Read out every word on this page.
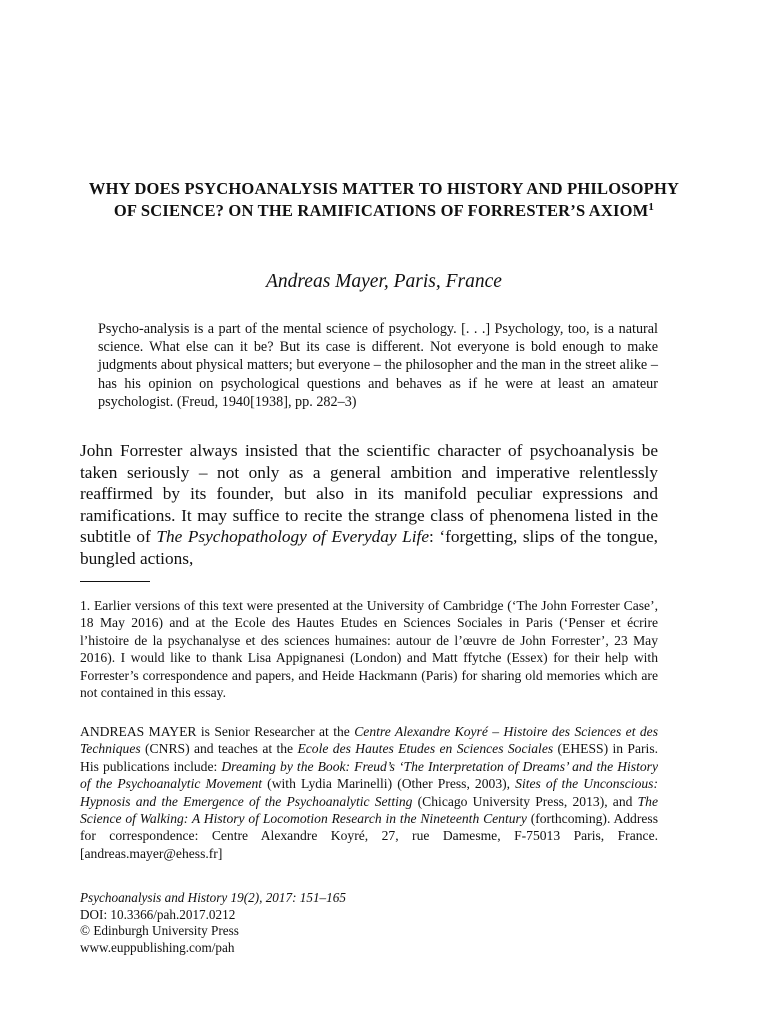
WHY DOES PSYCHOANALYSIS MATTER TO HISTORY AND PHILOSOPHY OF SCIENCE? ON THE RAMIFICATIONS OF FORRESTER’S AXIOM$^1$
Andreas Mayer, Paris, France
Psycho-analysis is a part of the mental science of psychology. [. . .] Psychology, too, is a natural science. What else can it be? But its case is different. Not everyone is bold enough to make judgments about physical matters; but everyone – the philosopher and the man in the street alike – has his opinion on psychological questions and behaves as if he were at least an amateur psychologist. (Freud, 1940[1938], pp. 282–3)
John Forrester always insisted that the scientific character of psychoanalysis be taken seriously – not only as a general ambition and imperative relentlessly reaffirmed by its founder, but also in its manifold peculiar expressions and ramifications. It may suffice to recite the strange class of phenomena listed in the subtitle of The Psychopathology of Everyday Life: ‘forgetting, slips of the tongue, bungled actions,
1. Earlier versions of this text were presented at the University of Cambridge (‘The John Forrester Case’, 18 May 2016) and at the Ecole des Hautes Etudes en Sciences Sociales in Paris (‘Penser et écrire l’histoire de la psychanalyse et des sciences humaines: autour de l’œuvre de John Forrester’, 23 May 2016). I would like to thank Lisa Appignanesi (London) and Matt ffytche (Essex) for their help with Forrester’s correspondence and papers, and Heide Hackmann (Paris) for sharing old memories which are not contained in this essay.
ANDREAS MAYER is Senior Researcher at the Centre Alexandre Koyré – Histoire des Sciences et des Techniques (CNRS) and teaches at the Ecole des Hautes Etudes en Sciences Sociales (EHESS) in Paris. His publications include: Dreaming by the Book: Freud’s ‘The Interpretation of Dreams’ and the History of the Psychoanalytic Movement (with Lydia Marinelli) (Other Press, 2003), Sites of the Unconscious: Hypnosis and the Emergence of the Psychoanalytic Setting (Chicago University Press, 2013), and The Science of Walking: A History of Locomotion Research in the Nineteenth Century (forthcoming). Address for correspondence: Centre Alexandre Koyré, 27, rue Damesme, F-75013 Paris, France. [andreas.mayer@ehess.fr]
Psychoanalysis and History 19(2), 2017: 151–165
DOI: 10.3366/pah.2017.0212
© Edinburgh University Press
www.euppublishing.com/pah
